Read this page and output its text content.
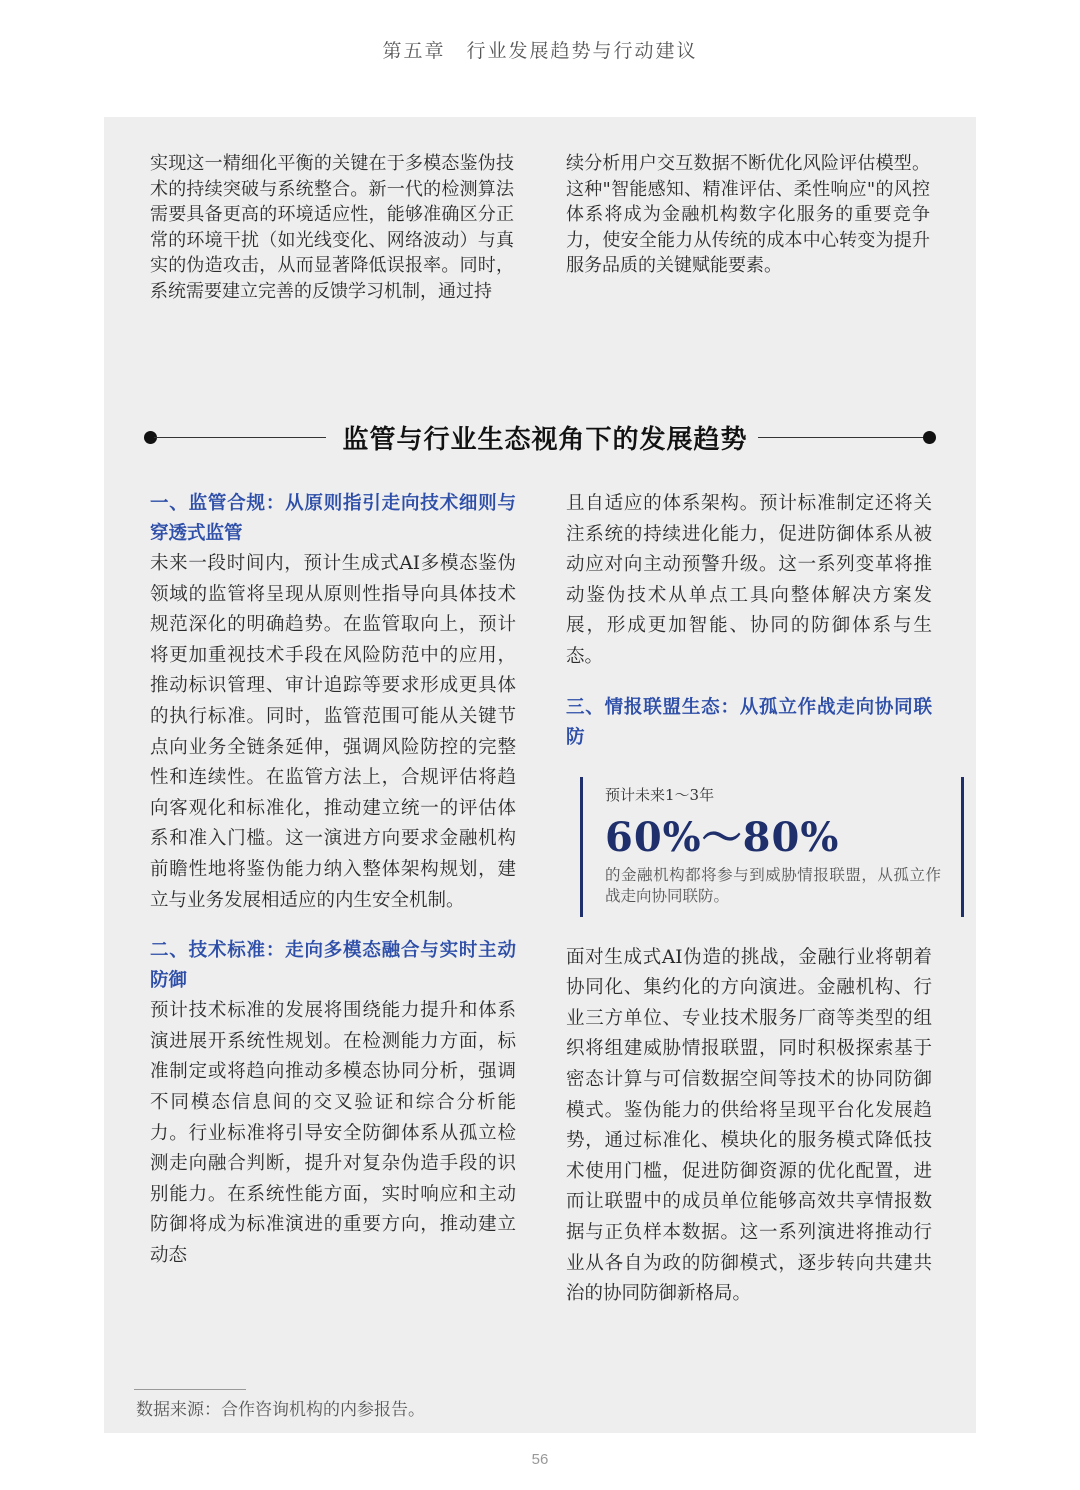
第五章　行业发展趋势与行动建议
实现这一精细化平衡的关键在于多模态鉴伪技术的持续突破与系统整合。新一代的检测算法需要具备更高的环境适应性，能够准确区分正常的环境干扰（如光线变化、网络波动）与真实的伪造攻击，从而显著降低误报率。同时，系统需要建立完善的反馈学习机制，通过持
续分析用户交互数据不断优化风险评估模型。这种"智能感知、精准评估、柔性响应"的风控体系将成为金融机构数字化服务的重要竞争力，使安全能力从传统的成本中心转变为提升服务品质的关键赋能要素。
监管与行业生态视角下的发展趋势

一、监管合规：从原则指引走向技术细则与穿透式监管

未来一段时间内，预计生成式AI多模态鉴伪领域的监管将呈现从原则性指导向具体技术规范深化的明确趋势。在监管取向上，预计将更加重视技术手段在风险防范中的应用，推动标识管理、审计追踪等要求形成更具体的执行标准。同时，监管范围可能从关键节点向业务全链条延伸，强调风险防控的完整性和连续性。在监管方法上，合规评估将趋向客观化和标准化，推动建立统一的评估体系和准入门槛。这一演进方向要求金融机构前瞻性地将鉴伪能力纳入整体架构规划，建立与业务发展相适应的内生安全机制。

二、技术标准：走向多模态融合与实时主动防御

预计技术标准的发展将围绕能力提升和体系演进展开系统性规划。在检测能力方面，标准制定或将趋向推动多模态协同分析，强调不同模态信息间的交叉验证和综合分析能力。行业标准将引导安全防御体系从孤立检测走向融合判断，提升对复杂伪造手段的识别能力。在系统性能方面，实时响应和主动防御将成为标准演进的重要方向，推动建立动态

且自适应的体系架构。预计标准制定还将关注系统的持续进化能力，促进防御体系从被动应对向主动预警升级。这一系列变革将推动鉴伪技术从单点工具向整体解决方案发展，形成更加智能、协同的防御体系与生态。

三、情报联盟生态：从孤立作战走向协同联防

预计未来1～3年
60%～80%
的金融机构都将参与到威胁情报联盟，从孤立作战走向协同联防。

面对生成式AI伪造的挑战，金融行业将朝着协同化、集约化的方向演进。金融机构、行业三方单位、专业技术服务厂商等类型的组织将组建威胁情报联盟，同时积极探索基于密态计算与可信数据空间等技术的协同防御模式。鉴伪能力的供给将呈现平台化发展趋势，通过标准化、模块化的服务模式降低技术使用门槛，促进防御资源的优化配置，进而让联盟中的成员单位能够高效共享情报数据与正负样本数据。这一系列演进将推动行业从各自为政的防御模式，逐步转向共建共治的协同防御新格局。

数据来源：合作咨询机构的内参报告。
56
